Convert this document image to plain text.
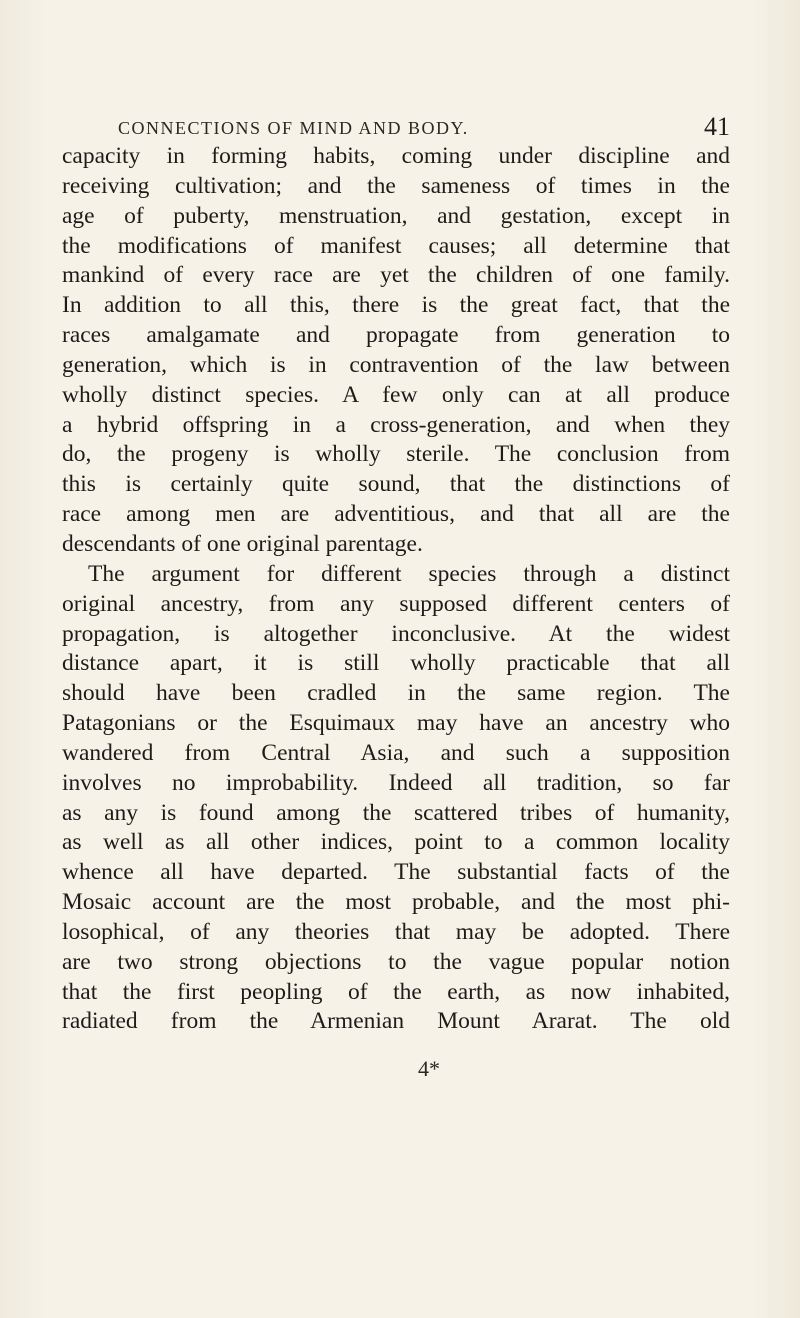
CONNECTIONS OF MIND AND BODY.	41
capacity in forming habits, coming under discipline and
receiving cultivation; and the sameness of times in the
age of puberty, menstruation, and gestation, except in
the modifications of manifest causes; all determine that
mankind of every race are yet the children of one family.
In addition to all this, there is the great fact, that the
races amalgamate and propagate from generation to
generation, which is in contravention of the law between
wholly distinct species. A few only can at all produce
a hybrid offspring in a cross-generation, and when they
do, the progeny is wholly sterile. The conclusion from
this is certainly quite sound, that the distinctions of
race among men are adventitious, and that all are the
descendants of one original parentage.
The argument for different species through a distinct
original ancestry, from any supposed different centers of
propagation, is altogether inconclusive. At the widest
distance apart, it is still wholly practicable that all
should have been cradled in the same region. The
Patagonians or the Esquimaux may have an ancestry who
wandered from Central Asia, and such a supposition
involves no improbability. Indeed all tradition, so far
as any is found among the scattered tribes of humanity,
as well as all other indices, point to a common locality
whence all have departed. The substantial facts of the
Mosaic account are the most probable, and the most phi-
losophical, of any theories that may be adopted. There
are two strong objections to the vague popular notion
that the first peopling of the earth, as now inhabited,
radiated from the Armenian Mount Ararat. The old
4*
